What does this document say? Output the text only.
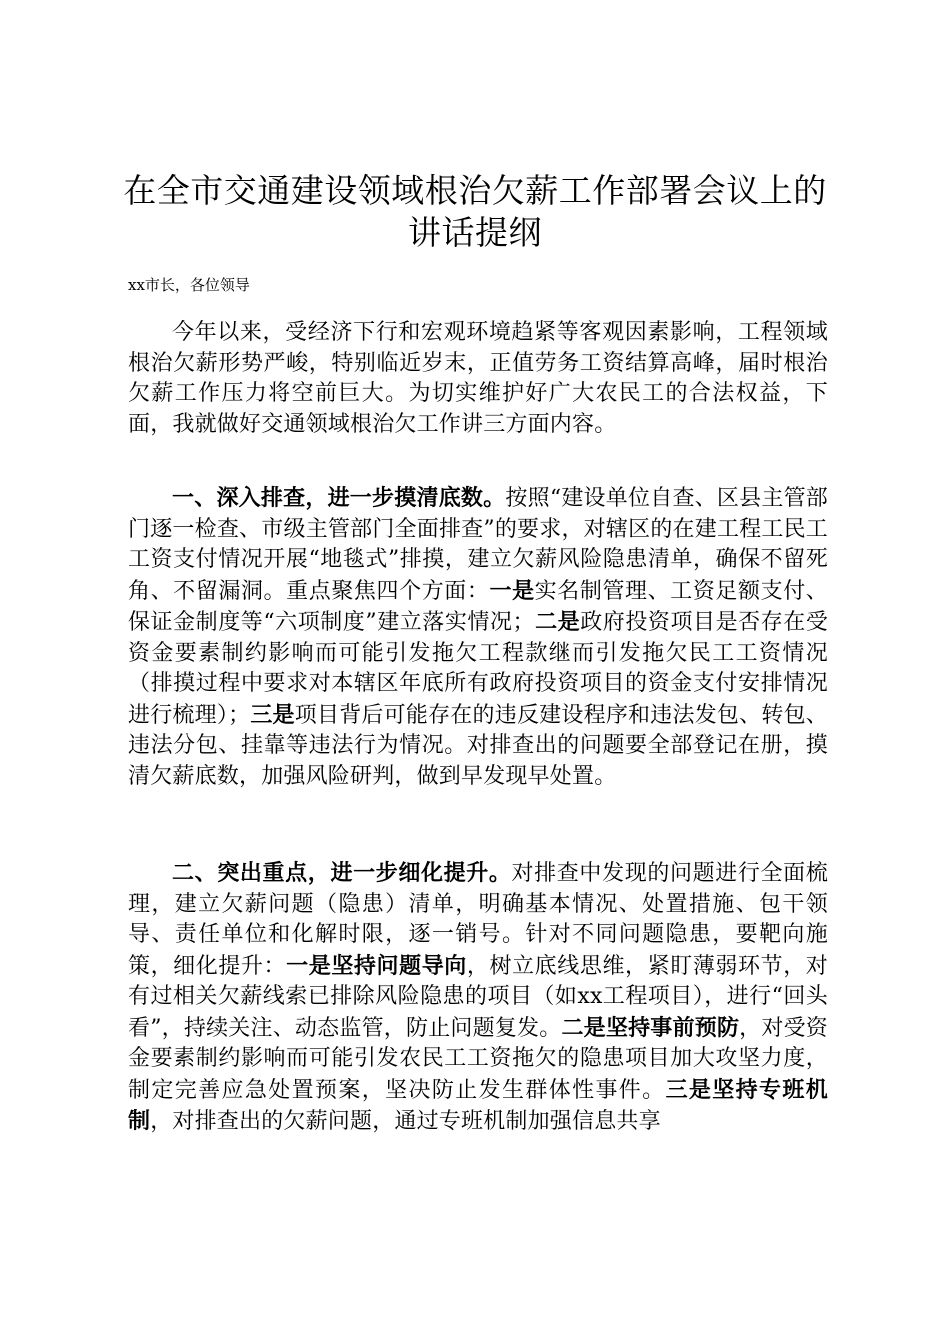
在全市交通建设领域根治欠薪工作部署会议上的讲话提纲
xx市长，各位领导

今年以来，受经济下行和宏观环境趋紧等客观因素影响，工程领域根治欠薪形势严峻，特别临近岁末，正值劳务工资结算高峰，届时根治欠薪工作压力将空前巨大。为切实维护好广大农民工的合法权益，下面，我就做好交通领域根治欠工作讲三方面内容。

一、深入排查，进一步摸清底数。按照“建设单位自查、区县主管部门逐一检查、市级主管部门全面排查”的要求，对辖区的在建工程工民工工资支付情况开展“地毯式”排摸，建立欠薪风险隐患清单，确保不留死角、不留漏洞。重点聚焦四个方面：一是实名制管理、工资足额支付、保证金制度等“六项制度”建立落实情况；二是政府投资项目是否存在受资金要素制约影响而可能引发拖欠工程款继而引发拖欠民工工资情况（排摸过程中要求对本辖区年底所有政府投资项目的资金支付安排情况进行梳理）；三是项目背后可能存在的违反建设程序和违法发包、转包、违法分包、挂靠等违法行为情况。对排查出的问题要全部登记在册，摸清欠薪底数，加强风险研判，做到早发现早处置。

二、突出重点，进一步细化提升。对排查中发现的问题进行全面梳理，建立欠薪问题（隐患）清单，明确基本情况、处置措施、包干领导、责任单位和化解时限，逐一销号。针对不同问题隐患，要靶向施策，细化提升：一是坚持问题导向，树立底线思维，紧盯薄弱环节，对有过相关欠薪线索已排除风险隐患的项目（如xx工程项目），进行“回头看”，持续关注、动态监管，防止问题复发。二是坚持事前预防，对受资金要素制约影响而可能引发农民工工资拖欠的隐患项目加大攻坚力度，制定完善应急处置预案，坚决防止发生群体性事件。三是坚持专班机制，对排查出的欠薪问题，通过专班机制加强信息共享
